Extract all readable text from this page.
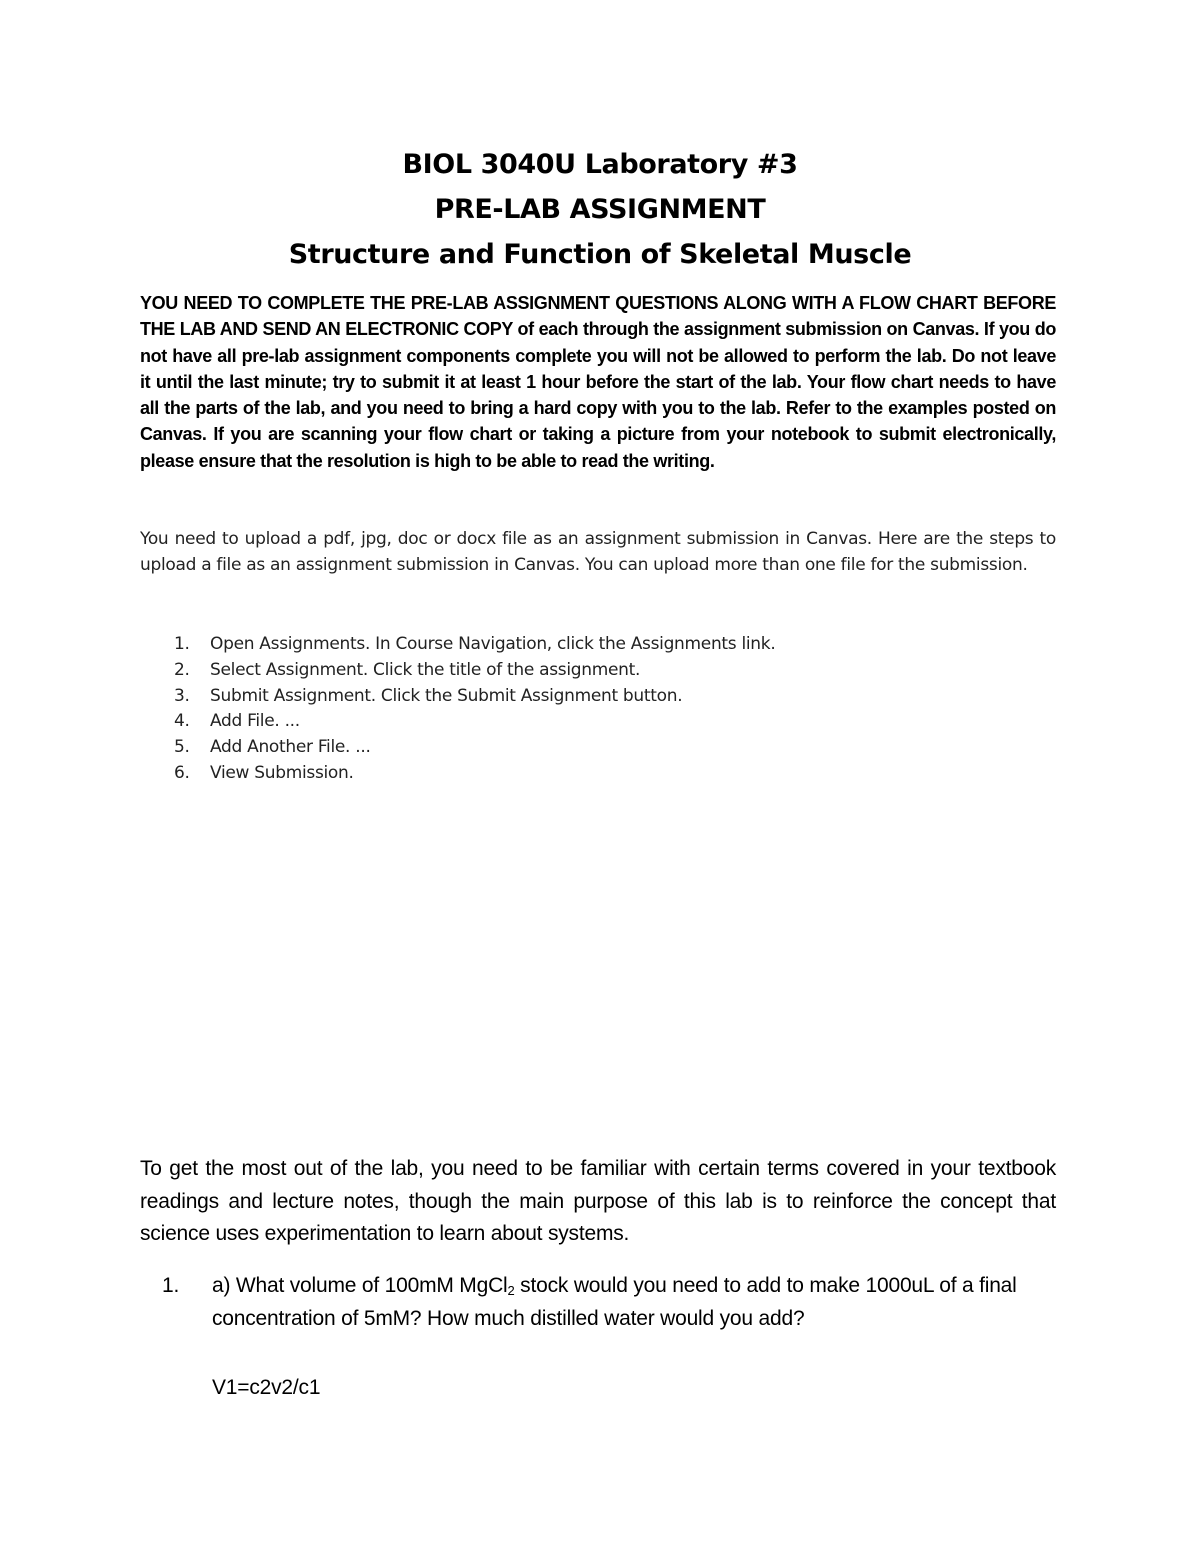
BIOL 3040U Laboratory #3
PRE-LAB ASSIGNMENT
Structure and Function of Skeletal Muscle
YOU NEED TO COMPLETE THE PRE-LAB ASSIGNMENT QUESTIONS ALONG WITH A FLOW CHART BEFORE THE LAB AND SEND AN ELECTRONIC COPY of each through the assignment submission on Canvas. If you do not have all pre-lab assignment components complete you will not be allowed to perform the lab. Do not leave it until the last minute; try to submit it at least 1 hour before the start of the lab. Your flow chart needs to have all the parts of the lab, and you need to bring a hard copy with you to the lab. Refer to the examples posted on Canvas. If you are scanning your flow chart or taking a picture from your notebook to submit electronically, please ensure that the resolution is high to be able to read the writing.
You need to upload a pdf, jpg, doc or docx file as an assignment submission in Canvas. Here are the steps to upload a file as an assignment submission in Canvas. You can upload more than one file for the submission.
1. Open Assignments. In Course Navigation, click the Assignments link.
2. Select Assignment. Click the title of the assignment.
3. Submit Assignment. Click the Submit Assignment button.
4. Add File. ...
5. Add Another File. ...
6. View Submission.
To get the most out of the lab, you need to be familiar with certain terms covered in your textbook readings and lecture notes, though the main purpose of this lab is to reinforce the concept that science uses experimentation to learn about systems.
1. a) What volume of 100mM MgCl$_2$ stock would you need to add to make 1000uL of a final concentration of 5mM? How much distilled water would you add?
V1=c2v2/c1
